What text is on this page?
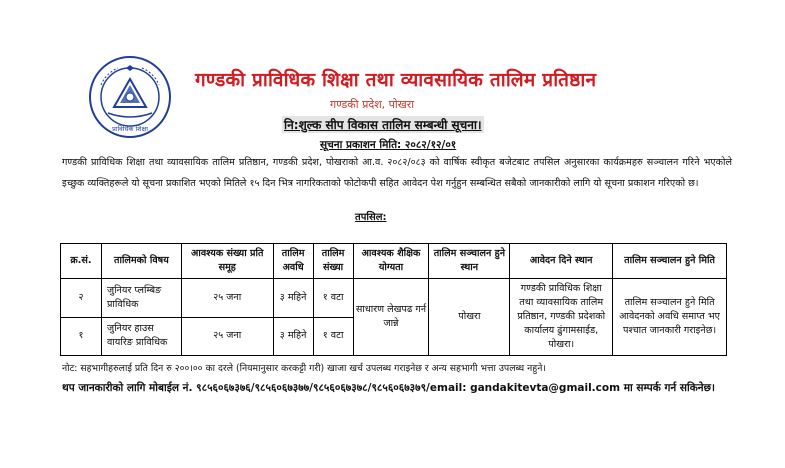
प्राविधिक शिक्षा
गण्डकी प्राविधिक शिक्षा तथा व्यावसायिक तालिम प्रतिष्ठान
गण्डकी प्रदेश, पोखरा
नि:शुल्क सीप विकास तालिम सम्बन्धी सूचना।
सूचना प्रकाशन मिति: २०८२/१२/०१
गण्डकी प्राविधिक शिक्षा तथा व्यावसायिक तालिम प्रतिष्ठान, गण्डकी प्रदेश, पोखराको आ.व. २०८२/०८३ को वार्षिक स्वीकृत बजेटबाट तपसिल अनुसारका कार्यक्रमहरु सञ्चालन गरिने भएकोले इच्छुक व्यक्तिहरूले यो सूचना प्रकाशित भएको मितिले १५ दिन भित्र नागरिकताको फोटोकपी सहित आवेदन पेश गर्नुहुन सम्बन्धित सबैको जानकारीको लागि यो सूचना प्रकाशन गरिएको छ।
तपसिल:
क्र.सं.	तालिमको विषय	आवश्यक संख्या प्रति समूह	तालिम अवधि	तालिम संख्या	आवश्यक शैक्षिक योग्यता	तालिम सञ्चालन हुने स्थान	आवेदन दिने स्थान	तालिम सञ्चालन हुने मिति
२	जुनियर प्लम्बिङ प्राविधिक	२५ जना	३ महिने	१ वटा	साधारण लेखपढ गर्न जान्ने	पोखरा	गण्डकी प्राविधिक शिक्षा तथा व्यावसायिक तालिम प्रतिष्ठान, गण्डकी प्रदेशको कार्यालय ढुंगामसाईड, पोखरा।	तालिम सञ्चालन हुने मिति आवेदनको अवधि समाप्त भए पश्चात जानकारी गराइनेछ।
१	जुनियर हाउस वायरिङ प्राविधिक	२५ जना	३ महिने	१ वटा				
नोट: सहभागीहरुलाई प्रति दिन रु २००।०० का दरले (नियमानुसार करकट्टी गरी) खाजा खर्च उपलब्ध गराइनेछ र अन्य सहभागी भत्ता उपलब्ध नहुने।
थप जानकारीको लागि मोबाईल नं. ९८५६०६७३७६/९८५६०६७३७७/९८५६०६७३७८/९८५६०६७३७९/email: gandakitevta@gmail.com मा सम्पर्क गर्न सकिनेछ।
